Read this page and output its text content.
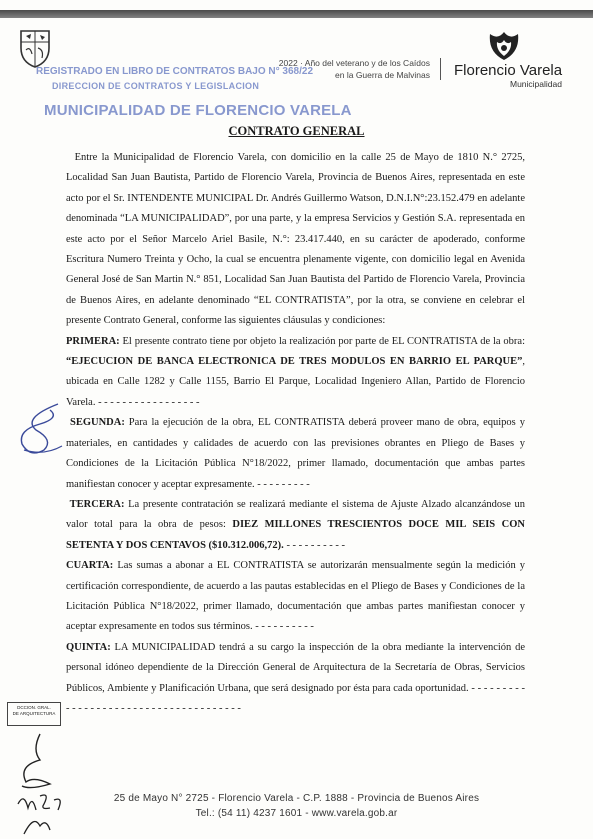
REGISTRADO EN LIBRO DE CONTRATOS BAJO N° 368/22
DIRECCION DE CONTRATOS Y LEGISLACION
MUNICIPALIDAD DE FLORENCIO VARELA
2022 · Año del veterano y de los Caídos
en la Guerra de Malvinas Florencio Varela
Municipalidad
CONTRATO GENERAL

Entre la Municipalidad de Florencio Varela, con domicilio en la calle 25 de Mayo de 1810 N.° 2725, Localidad San Juan Bautista, Partido de Florencio Varela, Provincia de Buenos Aires, representada en este acto por el Sr. INTENDENTE MUNICIPAL Dr. Andrés Guillermo Watson, D.N.I.N°:23.152.479 en adelante denominada “LA MUNICIPALIDAD”, por una parte, y la empresa Servicios y Gestión S.A. representada en este acto por el Señor Marcelo Ariel Basile, N.°: 23.417.440, en su carácter de apoderado, conforme Escritura Numero Treinta y Ocho, la cual se encuentra plenamente vigente, con domicilio legal en Avenida General José de San Martin N.° 851, Localidad San Juan Bautista del Partido de Florencio Varela, Provincia de Buenos Aires, en adelante denominado “EL CONTRATISTA”, por la otra, se conviene en celebrar el presente Contrato General, conforme las siguientes cláusulas y condiciones:

PRIMERA: El presente contrato tiene por objeto la realización por parte de EL CONTRATISTA de la obra: “EJECUCION DE BANCA ELECTRONICA DE TRES MODULOS EN BARRIO EL PARQUE”, ubicada en Calle 1282 y Calle 1155, Barrio El Parque, Localidad Ingeniero Allan, Partido de Florencio Varela. - - - - - - - - - - - - - - - - -

SEGUNDA: Para la ejecución de la obra, EL CONTRATISTA deberá proveer mano de obra, equipos y materiales, en cantidades y calidades de acuerdo con las previsiones obrantes en Pliego de Bases y Condiciones de la Licitación Pública N°18/2022, primer llamado, documentación que ambas partes manifiestan conocer y aceptar expresamente. - - - - - - - - -

TERCERA: La presente contratación se realizará mediante el sistema de Ajuste Alzado alcanzándose un valor total para la obra de pesos: DIEZ MILLONES TRESCIENTOS DOCE MIL SEIS CON SETENTA Y DOS CENTAVOS ($10.312.006,72). - - - - - - - - - -

CUARTA: Las sumas a abonar a EL CONTRATISTA se autorizarán mensualmente según la medición y certificación correspondiente, de acuerdo a las pautas establecidas en el Pliego de Bases y Condiciones de la Licitación Pública N°18/2022, primer llamado, documentación que ambas partes manifiestan conocer y aceptar expresamente en todos sus términos. - - - - - - - - - -

QUINTA: LA MUNICIPALIDAD tendrá a su cargo la inspección de la obra mediante la intervención de personal idóneo dependiente de la Dirección General de Arquitectura de la Secretaría de Obras, Servicios Públicos, Ambiente y Planificación Urbana, que será designado por ésta para cada oportunidad. - - - - - - - - - - - - - - - - - - - - - - - - - - - - - - - - - - - - - -

DCCION. GRAL.
DE ARQUITECTURA
25 de Mayo N° 2725 - Florencio Varela - C.P. 1888 - Provincia de Buenos Aires
Tel.: (54 11) 4237 1601 - www.varela.gob.ar
